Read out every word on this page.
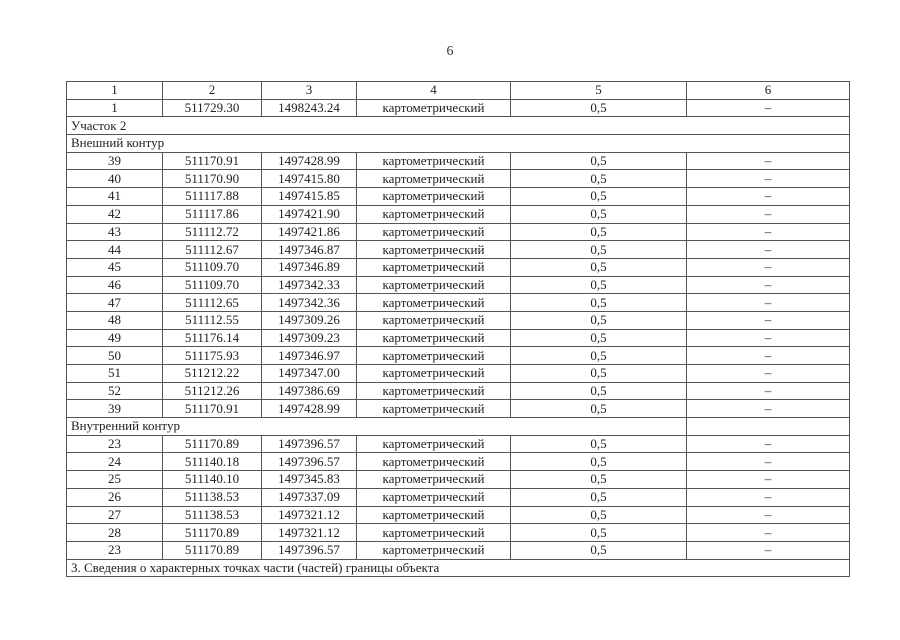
6
1	2	3	4	5	6
1	511729.30	1498243.24	картометрический	0,5	–
Участок 2					
Внешний контур					
39	511170.91	1497428.99	картометрический	0,5	–
40	511170.90	1497415.80	картометрический	0,5	–
41	511117.88	1497415.85	картометрический	0,5	–
42	511117.86	1497421.90	картометрический	0,5	–
43	511112.72	1497421.86	картометрический	0,5	–
44	511112.67	1497346.87	картометрический	0,5	–
45	511109.70	1497346.89	картометрический	0,5	–
46	511109.70	1497342.33	картометрический	0,5	–
47	511112.65	1497342.36	картометрический	0,5	–
48	511112.55	1497309.26	картометрический	0,5	–
49	511176.14	1497309.23	картометрический	0,5	–
50	511175.93	1497346.97	картометрический	0,5	–
51	511212.22	1497347.00	картометрический	0,5	–
52	511212.26	1497386.69	картометрический	0,5	–
39	511170.91	1497428.99	картометрический	0,5	–
Внутренний контур					
23	511170.89	1497396.57	картометрический	0,5	–
24	511140.18	1497396.57	картометрический	0,5	–
25	511140.10	1497345.83	картометрический	0,5	–
26	511138.53	1497337.09	картометрический	0,5	–
27	511138.53	1497321.12	картометрический	0,5	–
28	511170.89	1497321.12	картометрический	0,5	–
23	511170.89	1497396.57	картометрический	0,5	–
3. Сведения о характерных точках части (частей) границы объекта					
